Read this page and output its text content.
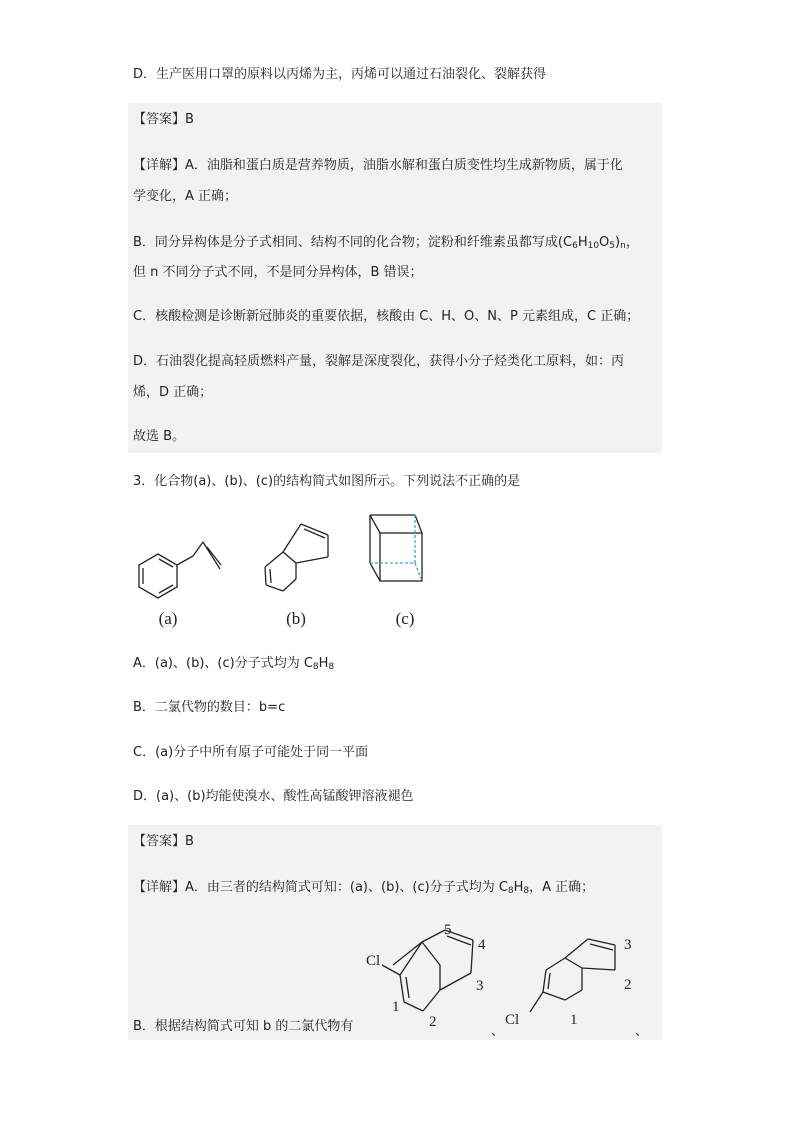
D．生产医用口罩的原料以丙烯为主，丙烯可以通过石油裂化、裂解获得
【答案】B
【详解】A．油脂和蛋白质是营养物质，油脂水解和蛋白质变性均生成新物质，属于化
学变化，A 正确；
B．同分异构体是分子式相同、结构不同的化合物；淀粉和纤维素虽都写成$(C_6H_{10}O_5)_n$，
但 n 不同分子式不同，不是同分异构体，B 错误；
C．核酸检测是诊断新冠肺炎的重要依据，核酸由 C、H、O、N、P 元素组成，C 正确；
D．石油裂化提高轻质燃料产量，裂解是深度裂化，获得小分子烃类化工原料，如：丙
烯，D 正确；
故选 B。
3．化合物(a)、(b)、(c)的结构简式如图所示。下列说法不正确的是
(a)	(b)	(c)
A．(a)、(b)、(c)分子式均为 $C_8H_8$
B．二氯代物的数目：b=c
C．(a)分子中所有原子可能处于同一平面
D．(a)、(b)均能使溴水、酸性高锰酸钾溶液褪色
【答案】B
【详解】A．由三者的结构简式可知：(a)、(b)、(c)分子式均为 $C_8H_8$，A 正确；
B．根据结构简式可知 b 的二氯代物有
Cl
1
2
3
4
5
Cl	1
2
3
、	、
